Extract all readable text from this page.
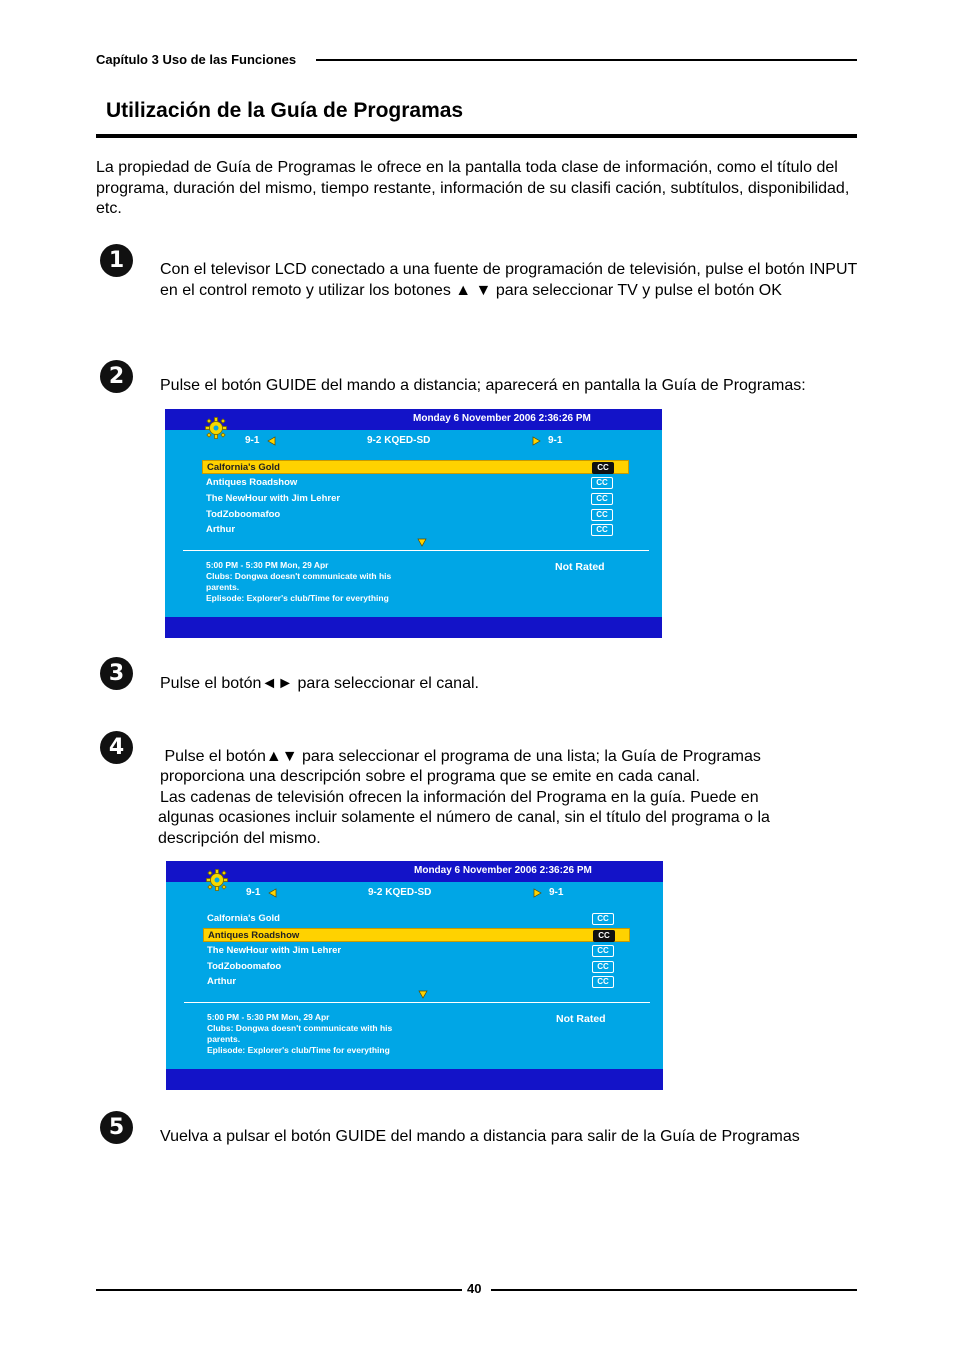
Capítulo 3 Uso de las Funciones
Utilización de la Guía de Programas
La propiedad de Guía de Programas le ofrece en la pantalla toda clase de información, como el título del programa, duración del mismo, tiempo restante, información de su clasifi cación, subtítulos, disponibilidad, etc.
1	Con el televisor LCD conectado a una fuente de programación de televisión, pulse el botón INPUT en el control remoto y utilizar los botones ▲ ▼ para seleccionar TV y pulse el botón OK
2	Pulse el botón GUIDE del mando a distancia; aparecerá en pantalla la Guía de Programas:
Monday 6 November 2006 2:36:26 PM
9-1	9-2 KQED-SD	9-1
Calfornia's Gold	CC
Antiques Roadshow	CC
The NewHour with Jim Lehrer	CC
TodZoboomafoo	CC
Arthur	CC
5:00 PM - 5:30 PM Mon, 29 Apr
Clubs: Dongwa doesn't communicate with his
parents.
Eplisode: Explorer's club/Time for everything
Not Rated
3	Pulse el botón◄► para seleccionar el canal.
4	Pulse el botón▲▼ para seleccionar el programa de una lista; la Guía de Programas
proporciona una descripción sobre el programa que se emite en cada canal.
Las cadenas de televisión ofrecen la información del Programa en la guía. Puede en
algunas ocasiones incluir solamente el número de canal, sin el título del programa o la
descripción del mismo.
Monday 6 November 2006 2:36:26 PM
9-1	9-2 KQED-SD	9-1
Calfornia's Gold	CC
Antiques Roadshow	CC
The NewHour with Jim Lehrer	CC
TodZoboomafoo	CC
Arthur	CC
5:00 PM - 5:30 PM Mon, 29 Apr
Clubs: Dongwa doesn't communicate with his
parents.
Eplisode: Explorer's club/Time for everything
Not Rated
5	Vuelva a pulsar el botón GUIDE del mando a distancia para salir de la Guía de Programas
40
